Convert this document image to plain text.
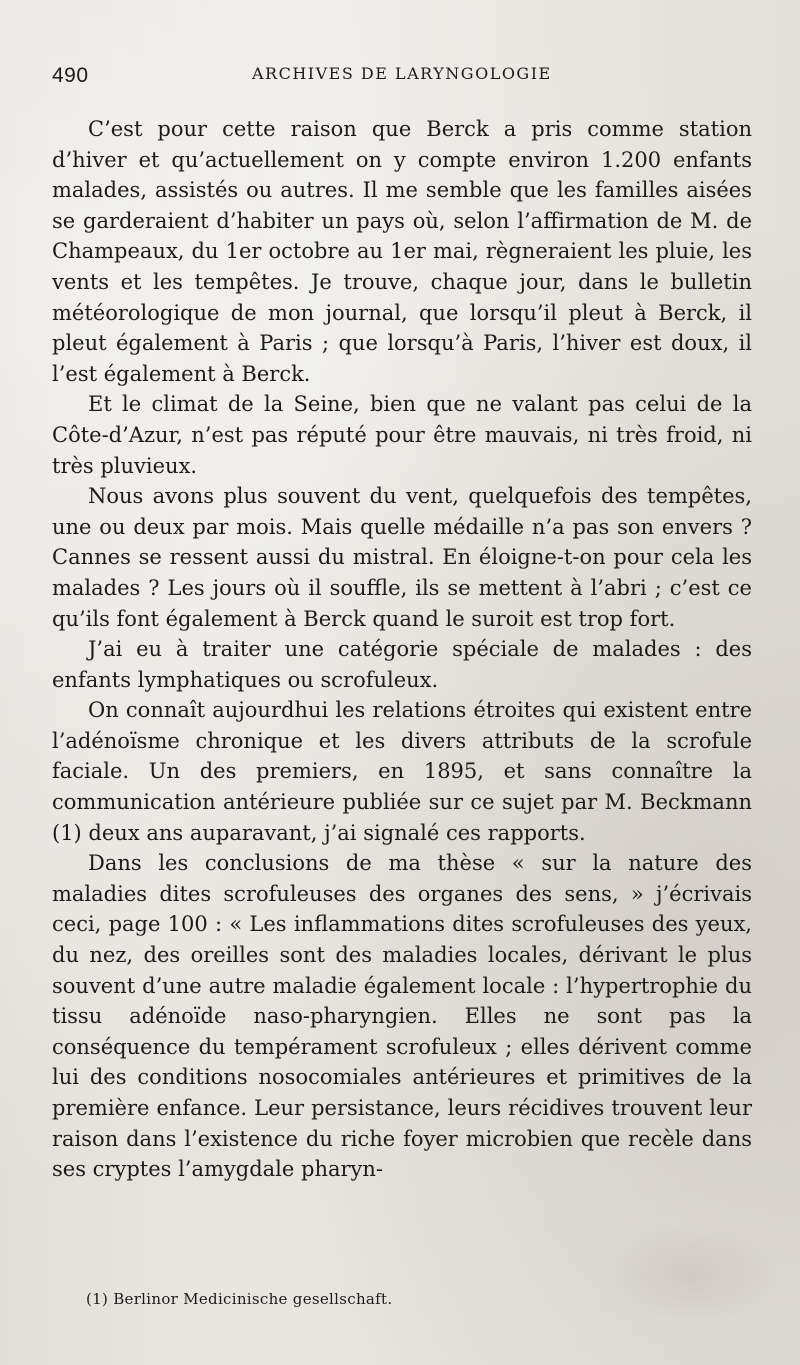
490	ARCHIVES DE LARYNGOLOGIE

C’est pour cette raison que Berck a pris comme station d’hiver et qu’actuellement on y compte environ 1.200 enfants malades, assistés ou autres. Il me semble que les familles aisées se garderaient d’habiter un pays où, selon l’affirmation de M. de Champeaux, du 1er octobre au 1er mai, règneraient les pluie, les vents et les tempêtes. Je trouve, chaque jour, dans le bulletin météorologique de mon journal, que lorsqu’il pleut à Berck, il pleut également à Paris ; que lorsqu’à Paris, l’hiver est doux, il l’est également à Berck.

Et le climat de la Seine, bien que ne valant pas celui de la Côte-d’Azur, n’est pas réputé pour être mauvais, ni très froid, ni très pluvieux.

Nous avons plus souvent du vent, quelquefois des tempêtes, une ou deux par mois. Mais quelle médaille n’a pas son envers ? Cannes se ressent aussi du mistral. En éloigne-t-on pour cela les malades ? Les jours où il souffle, ils se mettent à l’abri ; c’est ce qu’ils font également à Berck quand le suroit est trop fort.

J’ai eu à traiter une catégorie spéciale de malades : des enfants lymphatiques ou scrofuleux.

On connaît aujourdhui les relations étroites qui existent entre l’adénoïsme chronique et les divers attributs de la scrofule faciale. Un des premiers, en 1895, et sans connaître la communication antérieure publiée sur ce sujet par M. Beckmann (1) deux ans auparavant, j’ai signalé ces rapports.

Dans les conclusions de ma thèse « sur la nature des maladies dites scrofuleuses des organes des sens, » j’écrivais ceci, page 100 : « Les inflammations dites scrofuleuses des yeux, du nez, des oreilles sont des maladies locales, dérivant le plus souvent d’une autre maladie également locale : l’hypertrophie du tissu adénoïde naso-pharyngien. Elles ne sont pas la conséquence du tempérament scrofuleux ; elles dérivent comme lui des conditions nosocomiales antérieures et primitives de la première enfance. Leur persistance, leurs récidives trouvent leur raison dans l’existence du riche foyer microbien que recèle dans ses cryptes l’amygdale pharyn-

(1) Berlinor Medicinische gesellschaft.
